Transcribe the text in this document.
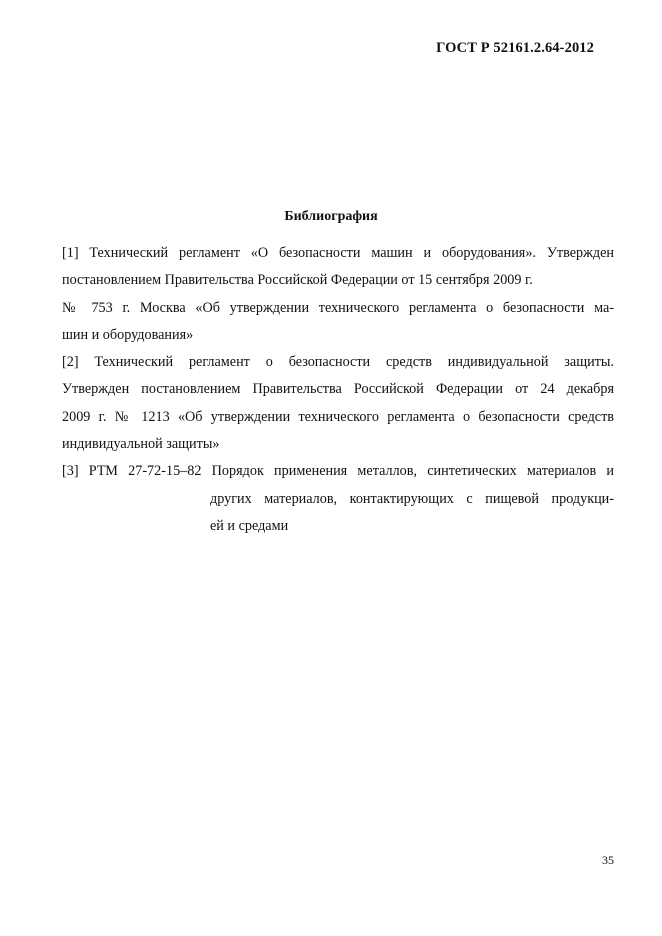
ГОСТ Р 52161.2.64-2012
Библиография

[1] Технический регламент «О безопасности машин и оборудования». Утвержден
постановлением Правительства Российской Федерации от 15 сентября 2009 г.
№ 753 г. Москва «Об утверждении технического регламента о безопасности ма-
шин и оборудования»

[2] Технический регламент о безопасности средств индивидуальной защиты.
Утвержден постановлением Правительства Российской Федерации от 24 декабря
2009 г. № 1213 «Об утверждении технического регламента о безопасности средств
индивидуальной защиты»

[3] РТМ 27-72-15–82 Порядок применения металлов, синтетических материалов и
других материалов, контактирующих с пищевой продукци-
ей и средами

35
